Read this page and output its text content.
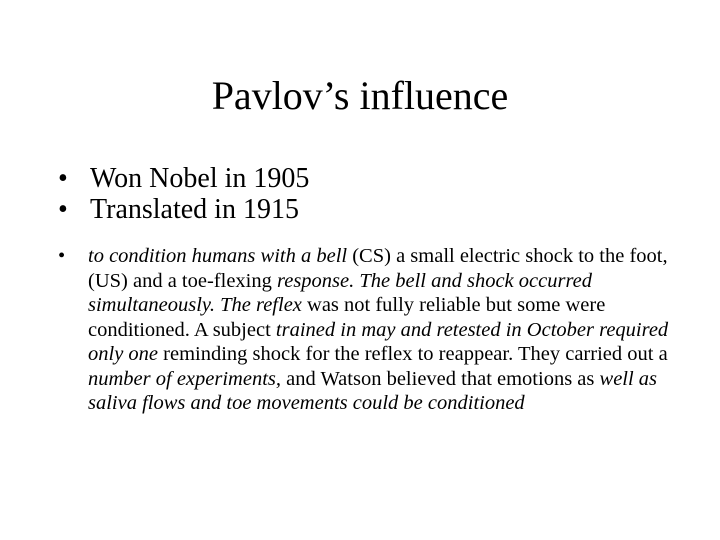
Pavlov’s influence
• Won Nobel in 1905
• Translated in 1915
• to condition humans with a bell (CS) a small electric shock to the foot, (US) and a toe-flexing response. The bell and shock occurred simultaneously. The reflex was not fully reliable but some were conditioned. A subject trained in may and retested in October required only one reminding shock for the reflex to reappear. They carried out a number of experiments, and Watson believed that emotions as well as saliva flows and toe movements could be conditioned
